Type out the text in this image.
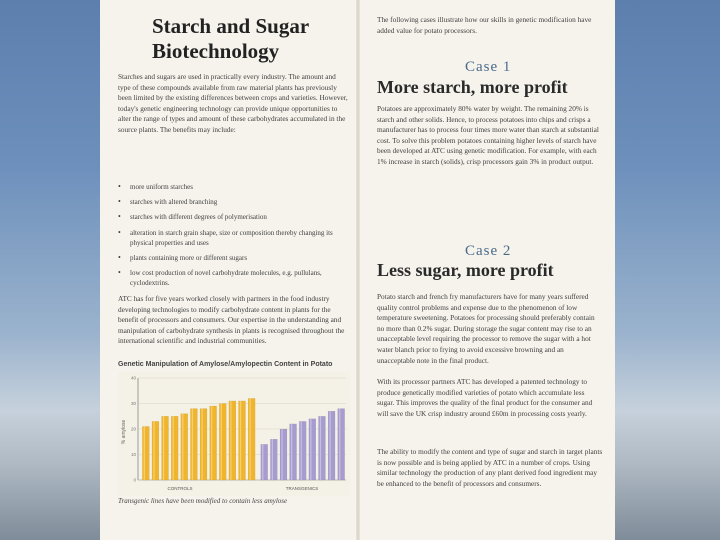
Starch and Sugar
Biotechnology

Starches and sugars are used in practically every industry. The amount and type of these compounds available from raw material plants has previously been limited by the existing differences between crops and varieties. However, today's genetic engineering technology can provide unique opportunities to alter the range of types and amount of these carbohydrates accumulated in the source plants. The benefits may include:

• more uniform starches
• starches with altered branching
• starches with different degrees of polymerisation
• alteration in starch grain shape, size or composition thereby changing its physical properties and uses
• plants containing more or different sugars
• low cost production of novel carbohydrate molecules, e.g. pullulans, cyclodextrins.

ATC has for five years worked closely with partners in the food industry developing technologies to modify carbohydrate content in plants for the benefit of processors and consumers. Our expertise in the understanding and manipulation of carbohydrate synthesis in plants is recognised throughout the international scientific and industrial communities.

Genetic Manipulation of Amylose/Amylopectin Content in Potato
% amylose
0
10
20
30
40
CONTROLS	TRANSGENICS
Transgenic lines have been modified to contain less amylose

The following cases illustrate how our skills in genetic modification have added value for potato processors.

Case 1
More starch, more profit

Potatoes are approximately 80% water by weight. The remaining 20% is starch and other solids. Hence, to process potatoes into chips and crisps a manufacturer has to process four times more water than starch at substantial cost. To solve this problem potatoes containing higher levels of starch have been developed at ATC using genetic modification. For example, with each 1% increase in starch (solids), crisp processors gain 3% in product output.

Case 2
Less sugar, more profit

Potato starch and french fry manufacturers have for many years suffered quality control problems and expense due to the phenomenon of low temperature sweetening. Potatoes for processing should preferably contain no more than 0.2% sugar. During storage the sugar content may rise to an unacceptable level requiring the processor to remove the sugar with a hot water blanch prior to frying to avoid excessive browning and an unacceptable note in the final product.

With its processor partners ATC has developed a patented technology to produce genetically modified varieties of potato which accumulate less sugar. This improves the quality of the final product for the consumer and will save the UK crisp industry around £60m in processing costs yearly.

The ability to modify the content and type of sugar and starch in target plants is now possible and is being applied by ATC in a number of crops. Using similar technology the production of any plant derived food ingredient may be enhanced to the benefit of processors and consumers.
